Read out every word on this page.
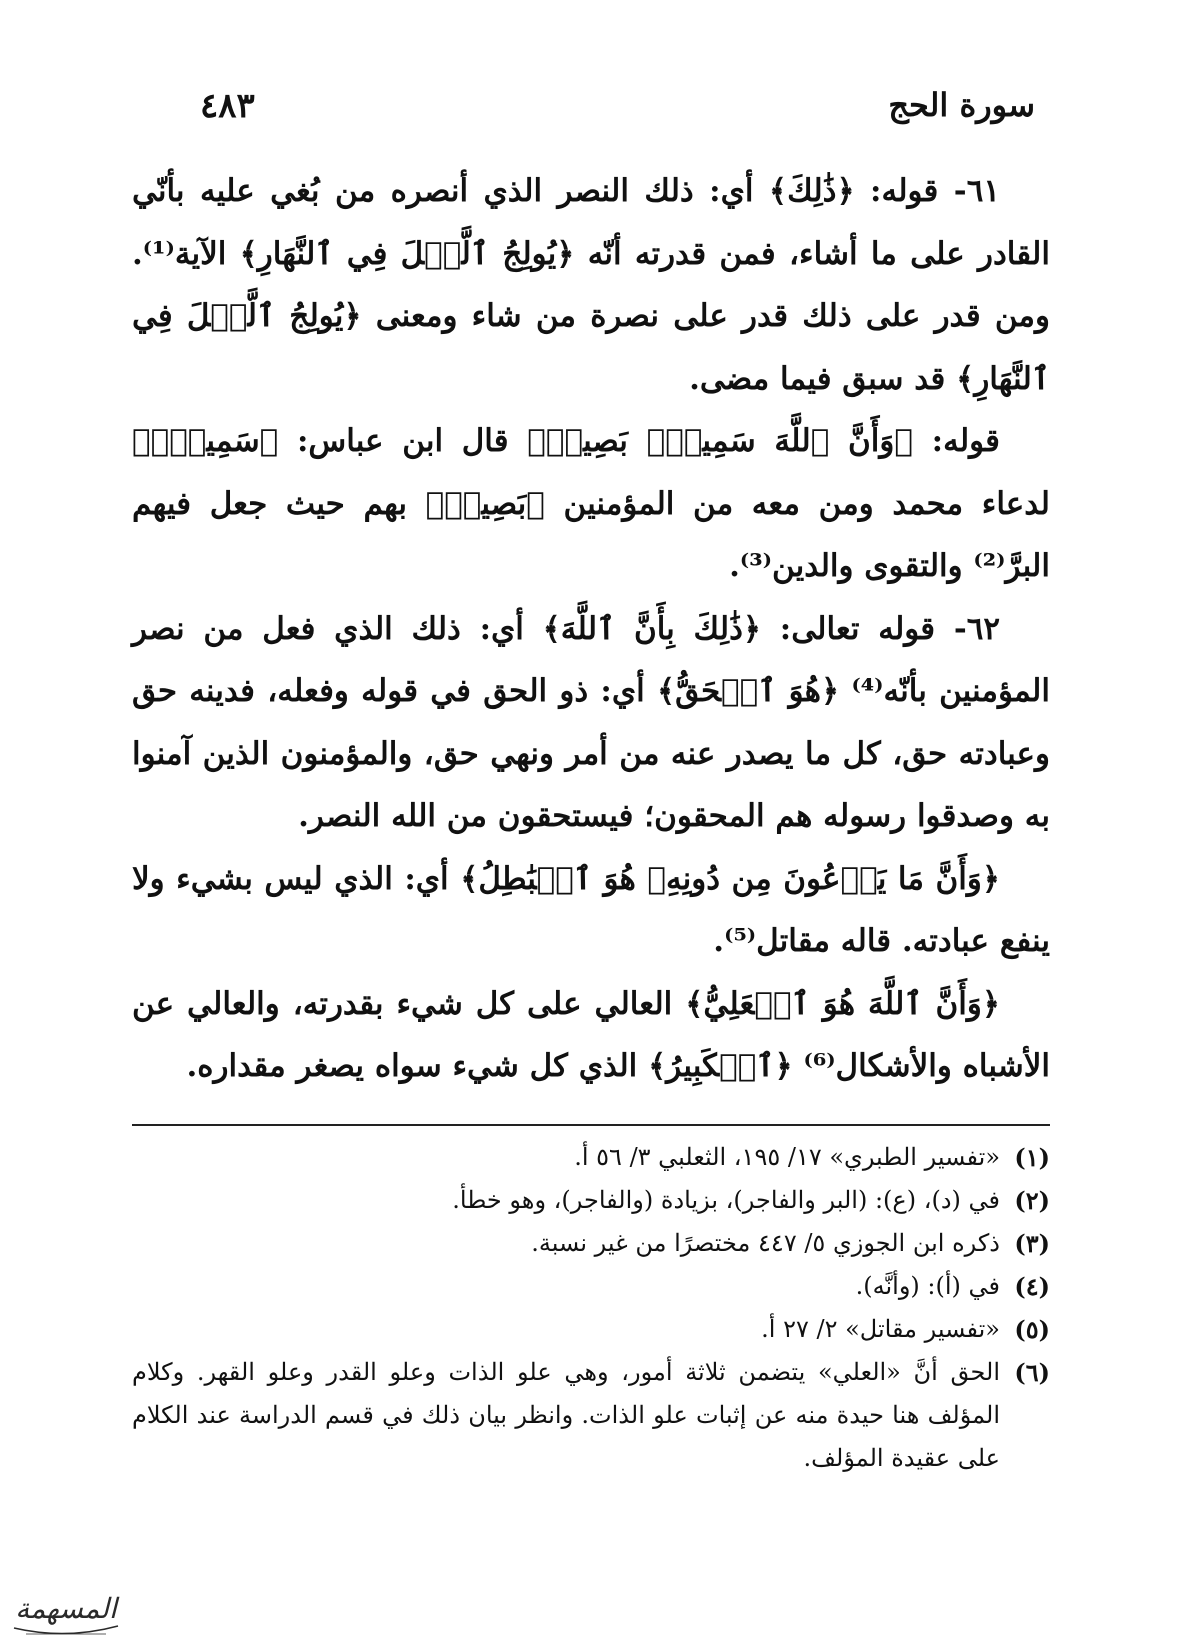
سورة الحج
٤٨٣

٦١- قوله: ﴿ذَٰلِكَ﴾ أي: ذلك النصر الذي أنصره من بُغي عليه بأنّي القادر على ما أشاء، فمن قدرته أنّه ﴿يُولِجُ ٱلَّيۡلَ فِي ٱلنَّهَارِ﴾ الآية⁽¹⁾. ومن قدر على ذلك قدر على نصرة من شاء ومعنى ﴿يُولِجُ ٱلَّيۡلَ فِي ٱلنَّهَارِ﴾ قد سبق فيما مضى.

قوله: ﴿وَأَنَّ ٱللَّهَ سَمِيعُۢ بَصِيرٞ﴾ قال ابن عباس: ﴿سَمِيعُۢ﴾ لدعاء محمد ومن معه من المؤمنين ﴿بَصِيرٞ﴾ بهم حيث جعل فيهم البرَّ⁽²⁾ والتقوى والدين⁽³⁾.

٦٢- قوله تعالى: ﴿ذَٰلِكَ بِأَنَّ ٱللَّهَ﴾ أي: ذلك الذي فعل من نصر المؤمنين بأنّه⁽⁴⁾ ﴿هُوَ ٱلۡحَقُّ﴾ أي: ذو الحق في قوله وفعله، فدينه حق وعبادته حق، كل ما يصدر عنه من أمر ونهي حق، والمؤمنون الذين آمنوا به وصدقوا رسوله هم المحقون؛ فيستحقون من الله النصر.

﴿وَأَنَّ مَا يَدۡعُونَ مِن دُونِهِۦ هُوَ ٱلۡبَٰطِلُ﴾ أي: الذي ليس بشيء ولا ينفع عبادته. قاله مقاتل⁽⁵⁾.

﴿وَأَنَّ ٱللَّهَ هُوَ ٱلۡعَلِيُّ﴾ العالي على كل شيء بقدرته، والعالي عن الأشباه والأشكال⁽⁶⁾ ﴿ٱلۡكَبِيرُ﴾ الذي كل شيء سواه يصغر مقداره.

(١)
«تفسير الطبري» ١٧/ ١٩٥، الثعلبي ٣/ ٥٦ أ.
(٢)
في (د)، (ع): (البر والفاجر)، بزيادة (والفاجر)، وهو خطأ.
(٣)
ذكره ابن الجوزي ٥/ ٤٤٧ مختصرًا من غير نسبة.
(٤)
في (أ): (وأنَّه).
(٥)
«تفسير مقاتل» ٢/ ٢٧ أ.
(٦)
الحق أنَّ «العلي» يتضمن ثلاثة أمور، وهي علو الذات وعلو القدر وعلو القهر. وكلام المؤلف هنا حيدة منه عن إثبات علو الذات. وانظر بيان ذلك في قسم الدراسة عند الكلام على عقيدة المؤلف.
المسهمة
